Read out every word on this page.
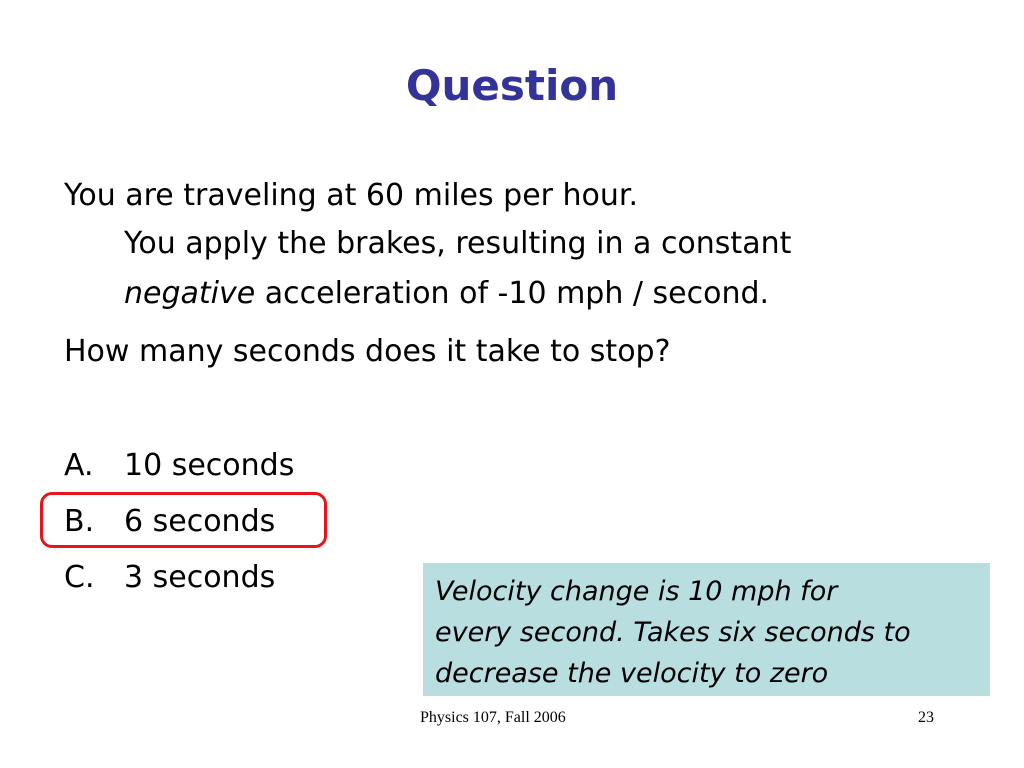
Question
You are traveling at 60 miles per hour.
You apply the brakes, resulting in a constant
negative acceleration of -10 mph / second.
How many seconds does it take to stop?
A. 10 seconds
B. 6 seconds
C. 3 seconds	Velocity change is 10 mph for
every second. Takes six seconds to
decrease the velocity to zero
Physics 107, Fall 2006	23
